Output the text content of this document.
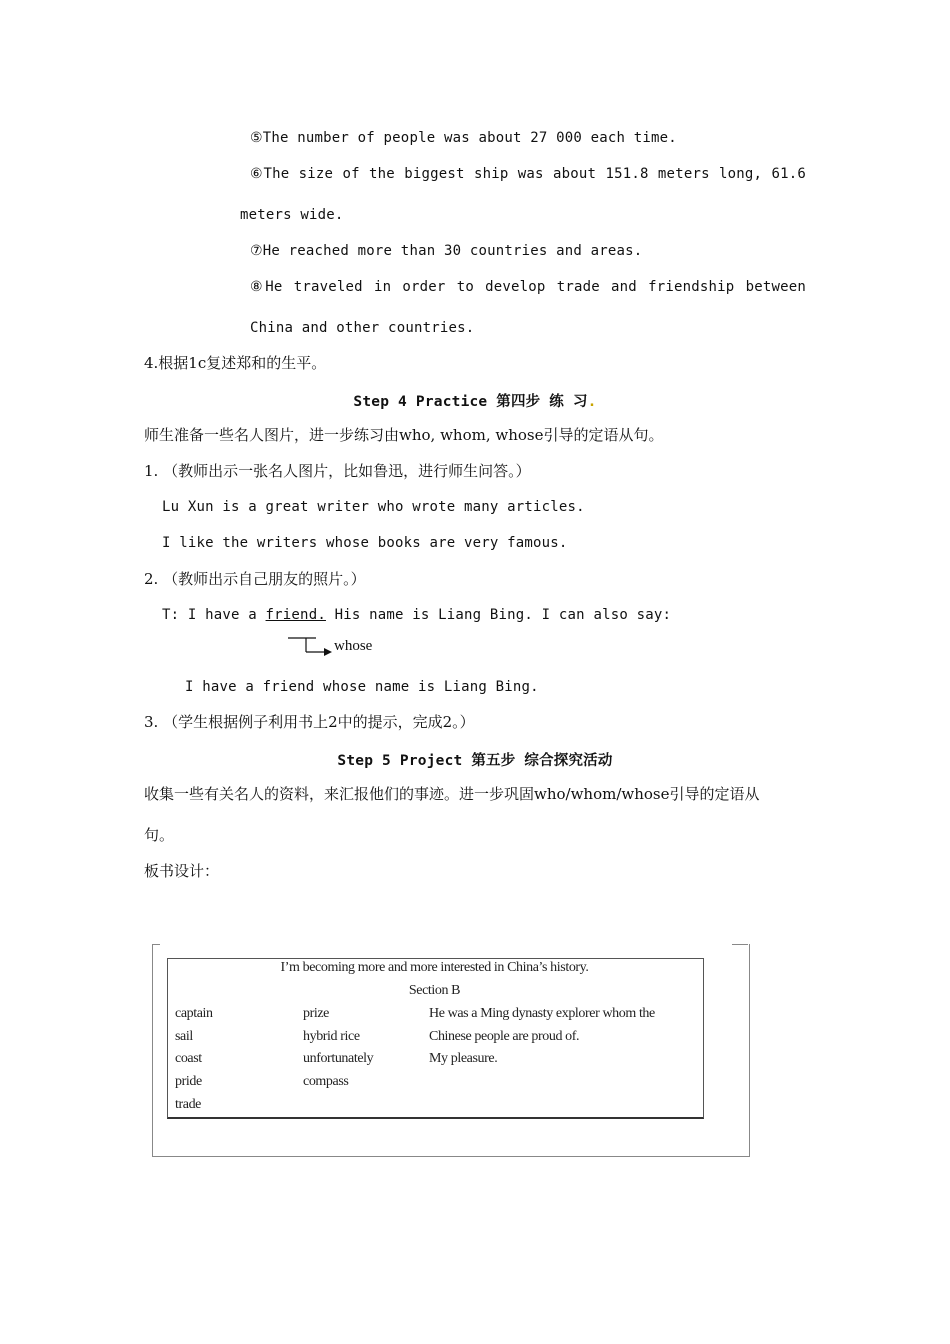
⑤The number of people was about 27 000 each time.
⑥The size of the biggest ship was about 151.8 meters long, 61.6
meters wide.
⑦He reached more than 30 countries and areas.
⑧He traveled in order to develop trade and friendship between
China and other countries.
4.根据1c复述郑和的生平。
Step 4 Practice 第四步 练 习.
师生准备一些名人图片，进一步练习由who, whom, whose引导的定语从句。
1. （教师出示一张名人图片，比如鲁迅，进行师生问答。）
Lu Xun is a great writer who wrote many articles.
I like the writers whose books are very famous.
2. （教师出示自己朋友的照片。）
T: I have a friend. His name is Liang Bing. I can also say:
whose
I have a friend whose name is Liang Bing.
3. （学生根据例子利用书上2中的提示，完成2。）
Step 5 Project 第五步 综合探究活动
收集一些有关名人的资料，来汇报他们的事迹。进一步巩固who/whom/whose引导的定语从
句。
板书设计：
I’m becoming more and more interested in China’s history.
Section B
captain
sail
coast
pride
trade
prize
hybrid rice
unfortunately
compass
He was a Ming dynasty explorer whom the
Chinese people are proud of.
My pleasure.
